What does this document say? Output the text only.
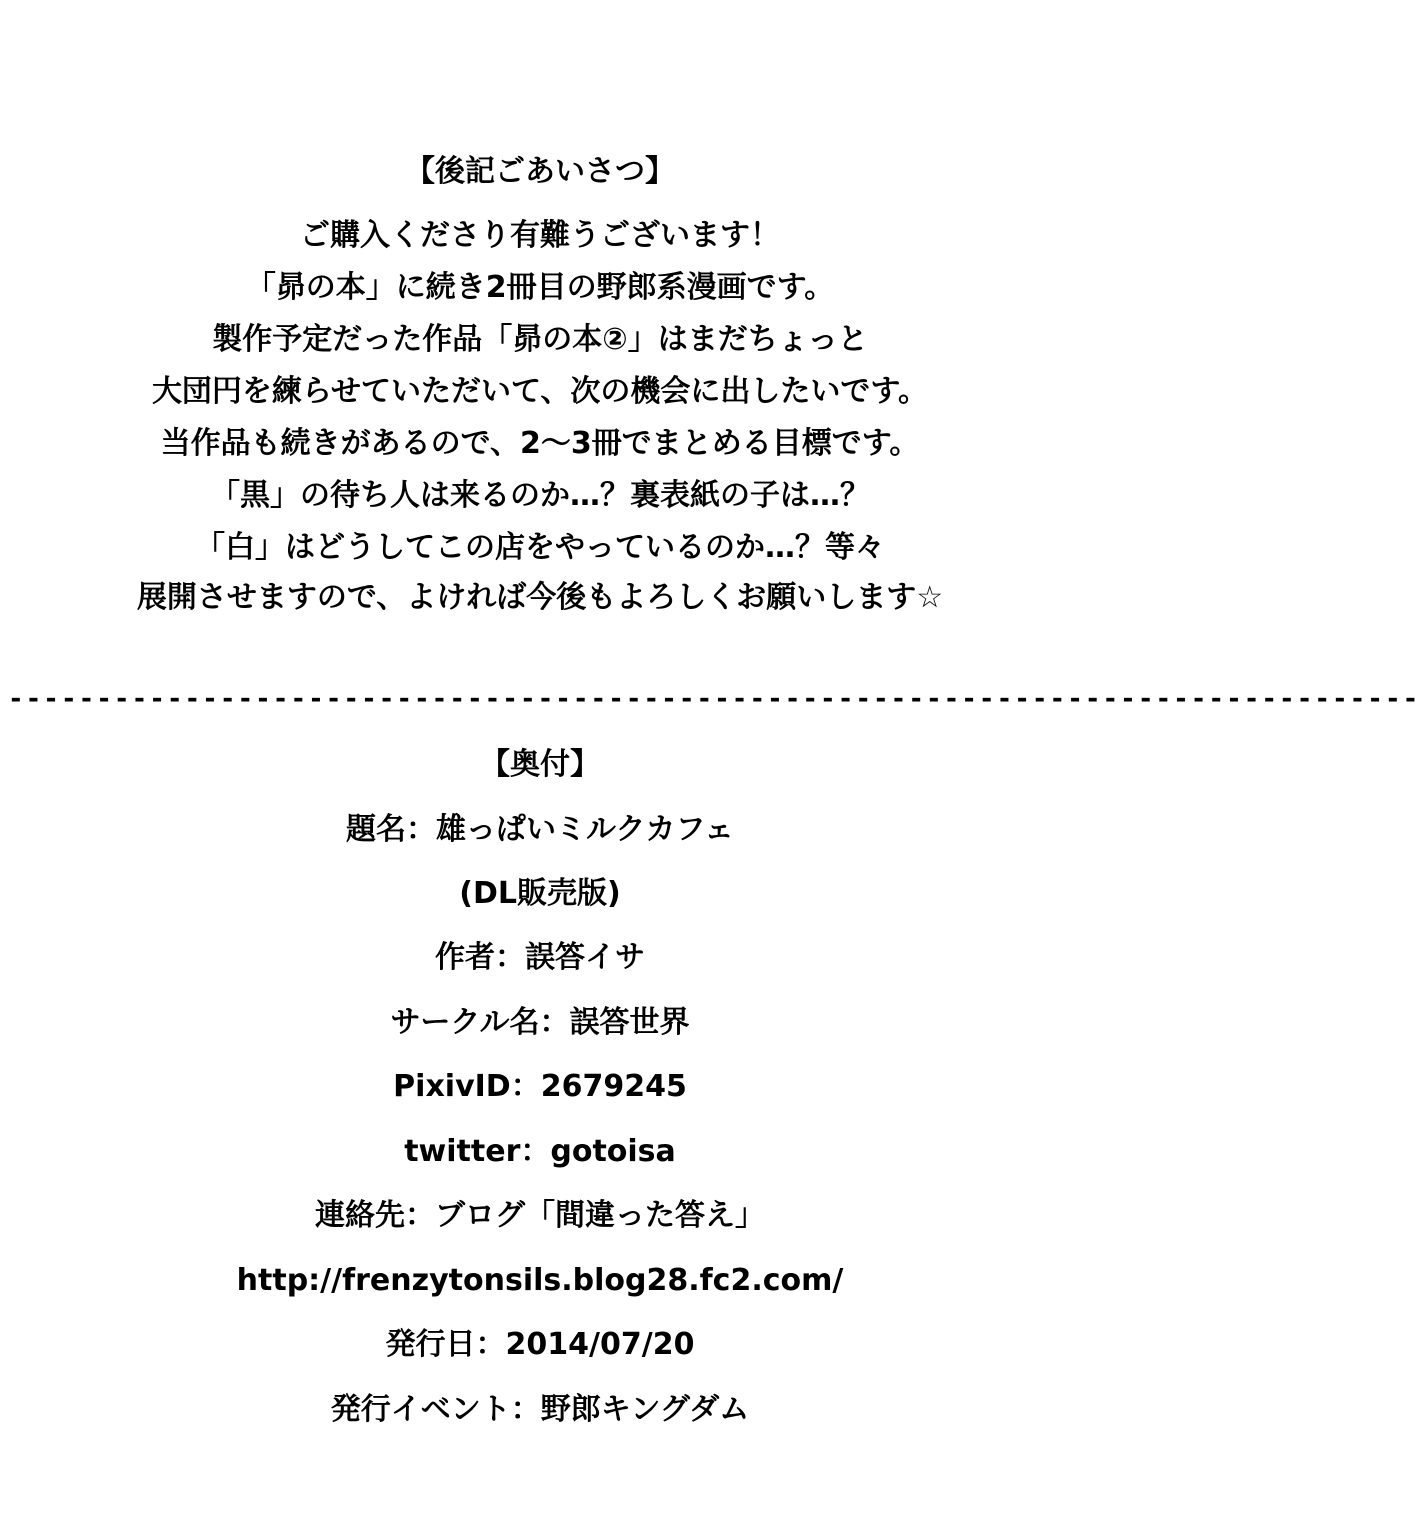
【後記ごあいさつ】
ご購入くださり有難うございます！
「昴の本」に続き2冊目の野郎系漫画です。
製作予定だった作品「昴の本②」はまだちょっと
大団円を練らせていただいて、次の機会に出したいです。
当作品も続きがあるので、2～3冊でまとめる目標です。
「黒」の待ち人は来るのか…？裏表紙の子は…？
「白」はどうしてこの店をやっているのか…？等々
展開させますので、よければ今後もよろしくお願いします☆
--------------------------------------------------------------------------------
【奥付】
題名：雄っぱいミルクカフェ
(DL販売版)
作者：誤答イサ
サークル名：誤答世界
PixivID：2679245
twitter：gotoisa
連絡先：ブログ「間違った答え」
http://frenzytonsils.blog28.fc2.com/
発行日：2014/07/20
発行イベント：野郎キングダム
